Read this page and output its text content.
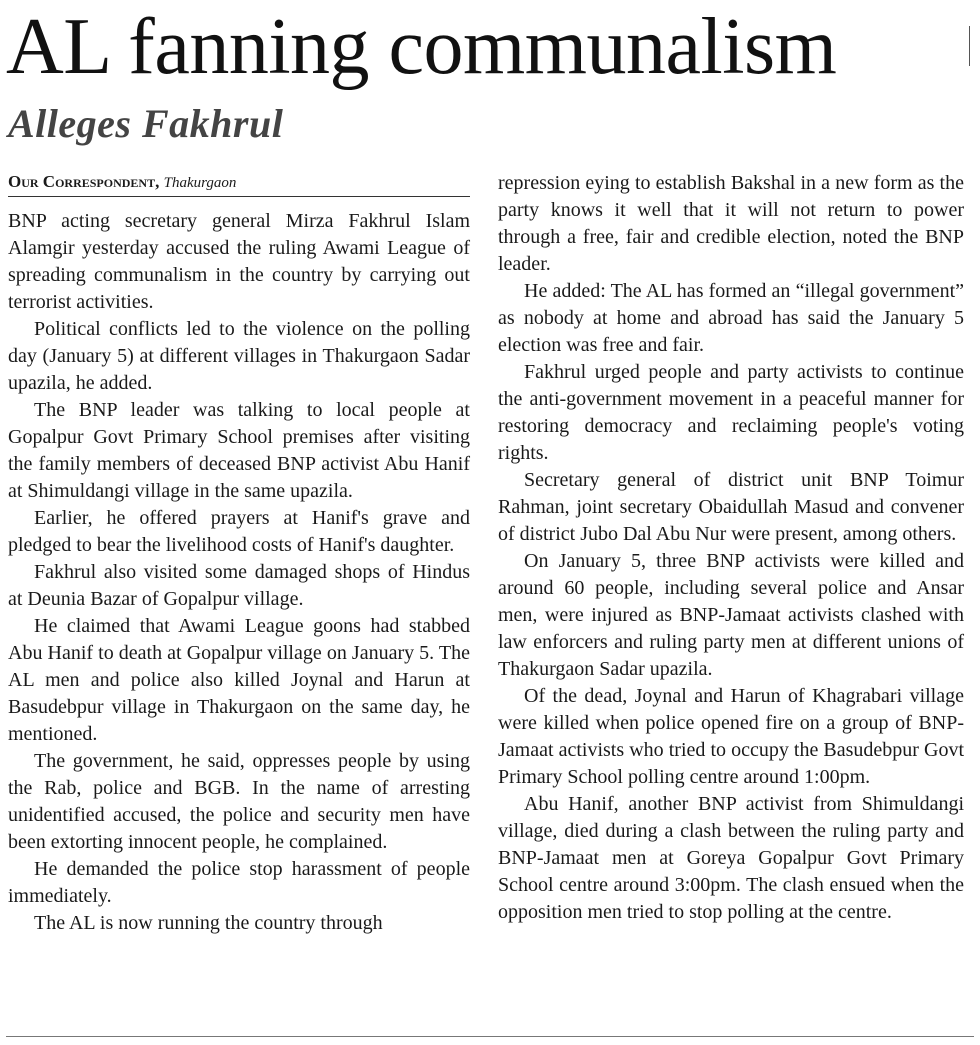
AL fanning communalism
Alleges Fakhrul
Our Correspondent, Thakurgaon

BNP acting secretary general Mirza Fakhrul Islam Alamgir yesterday accused the ruling Awami League of spreading communalism in the country by carrying out terrorist activities.

Political conflicts led to the violence on the polling day (January 5) at different villages in Thakurgaon Sadar upazila, he added.

The BNP leader was talking to local people at Gopalpur Govt Primary School premises after visiting the family members of deceased BNP activist Abu Hanif at Shimuldangi village in the same upazila.

Earlier, he offered prayers at Hanif's grave and pledged to bear the livelihood costs of Hanif's daughter.

Fakhrul also visited some damaged shops of Hindus at Deunia Bazar of Gopalpur village.

He claimed that Awami League goons had stabbed Abu Hanif to death at Gopalpur village on January 5. The AL men and police also killed Joynal and Harun at Basudebpur village in Thakurgaon on the same day, he mentioned.

The government, he said, oppresses people by using the Rab, police and BGB. In the name of arresting unidentified accused, the police and security men have been extorting innocent people, he complained.

He demanded the police stop harassment of people immediately.

The AL is now running the country through

repression eying to establish Bakshal in a new form as the party knows it well that it will not return to power through a free, fair and credible election, noted the BNP leader.

He added: The AL has formed an “illegal government” as nobody at home and abroad has said the January 5 election was free and fair.

Fakhrul urged people and party activists to continue the anti-government movement in a peaceful manner for restoring democracy and reclaiming people's voting rights.

Secretary general of district unit BNP Toimur Rahman, joint secretary Obaidullah Masud and convener of district Jubo Dal Abu Nur were present, among others.

On January 5, three BNP activists were killed and around 60 people, including several police and Ansar men, were injured as BNP-Jamaat activists clashed with law enforcers and ruling party men at different unions of Thakurgaon Sadar upazila.

Of the dead, Joynal and Harun of Khagrabari village were killed when police opened fire on a group of BNP-Jamaat activists who tried to occupy the Basudebpur Govt Primary School polling centre around 1:00pm.

Abu Hanif, another BNP activist from Shimuldangi village, died during a clash between the ruling party and BNP-Jamaat men at Goreya Gopalpur Govt Primary School centre around 3:00pm. The clash ensued when the opposition men tried to stop polling at the centre.
